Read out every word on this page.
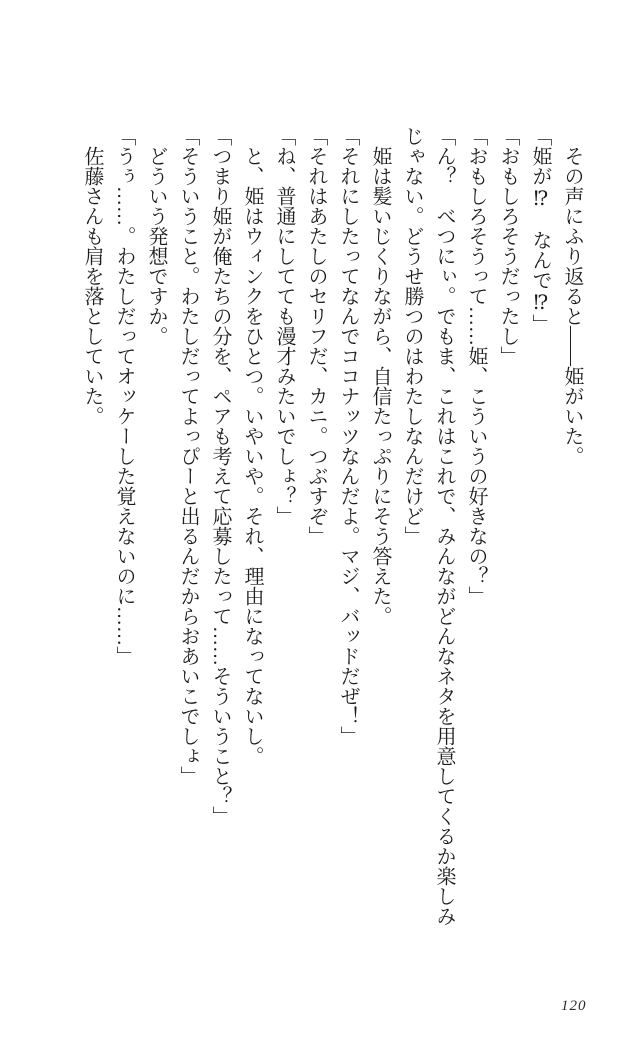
その声にふり返ると――姫がいた。

「姫が⁉　なんで⁉」

「おもしろそうだったし」

「おもしろそうって……姫、こういうの好きなの？」

「ん？　べつにぃ。でもま、これはこれで、みんながどんなネタを用意してくるか楽しみじゃない。どうせ勝つのはわたしなんだけど」

姫は髪いじくりながら、自信たっぷりにそう答えた。

「それにしたってなんでココナッツなんだよ。マジ、バッドだぜ！」

「それはあたしのセリフだ、カニ。つぶすぞ」

「ね、普通にしてても漫才みたいでしょ？」

と、姫はウィンクをひとつ。いやいや。それ、理由になってないし。

「つまり姫が俺たちの分を、ペアも考えて応募したって……そういうこと？」

「そういうこと。わたしだってよっぴーと出るんだからおあいこでしょ」

どういう発想ですか。

「うぅ……。わたしだってオッケーした覚えないのに……」

佐藤さんも肩を落としていた。

120
